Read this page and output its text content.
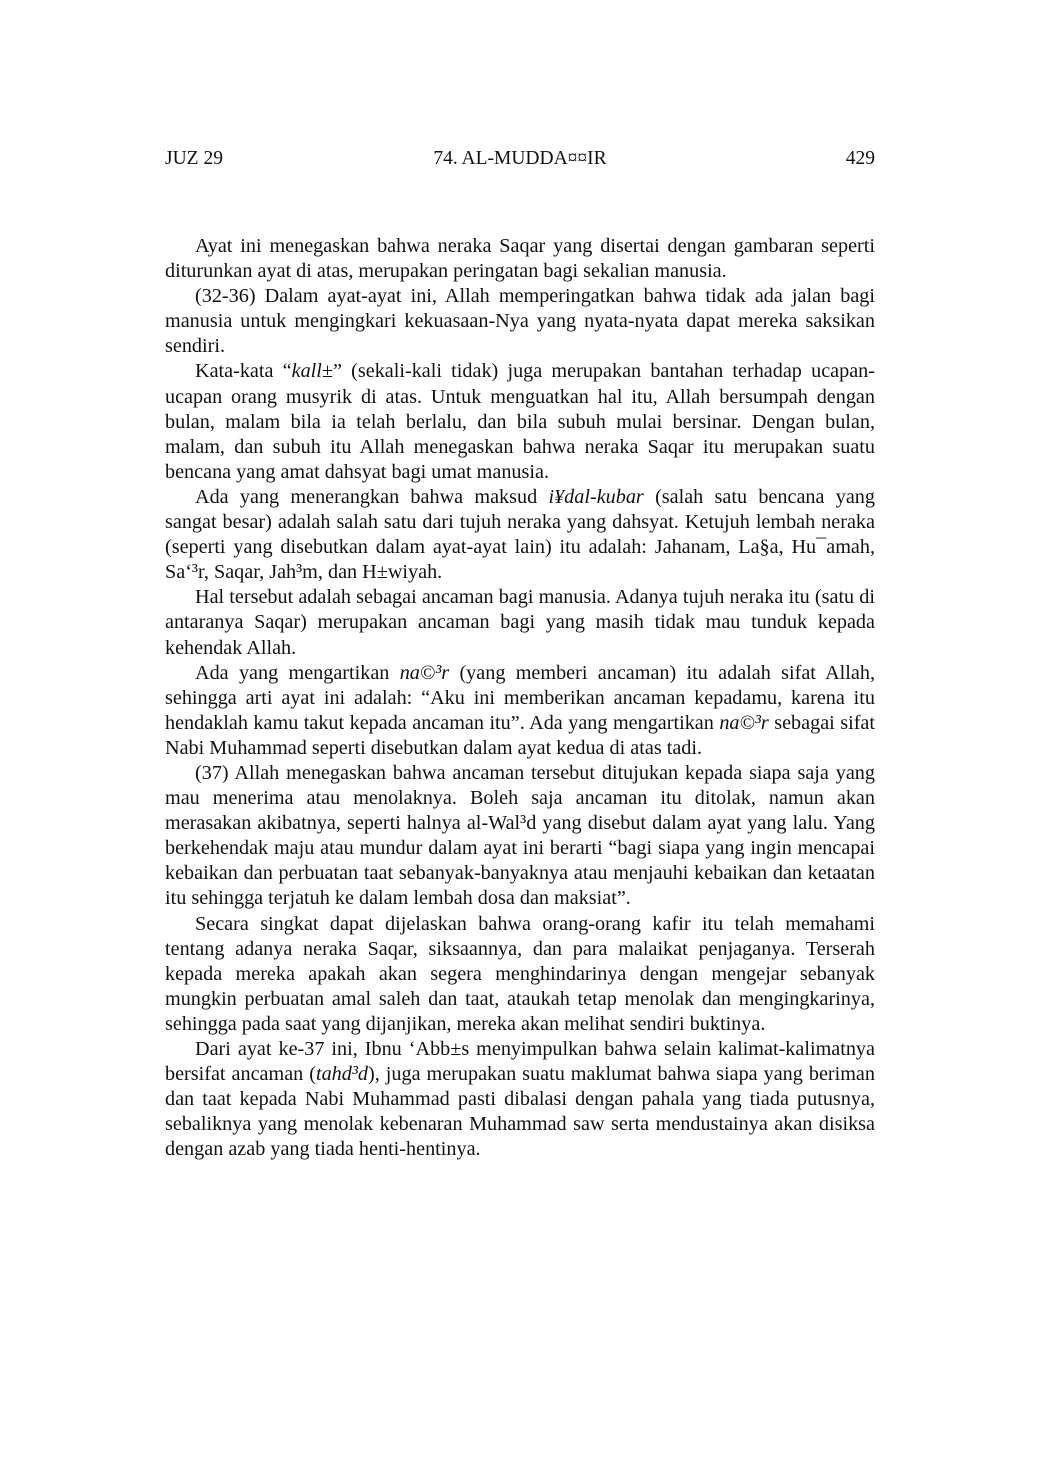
JUZ 29	74. AL-MUDDA¤¤IR	429

Ayat ini menegaskan bahwa neraka Saqar yang disertai dengan gambaran seperti diturunkan ayat di atas, merupakan peringatan bagi sekalian manusia.

(32-36) Dalam ayat-ayat ini, Allah memperingatkan bahwa tidak ada jalan bagi manusia untuk mengingkari kekuasaan-Nya yang nyata-nyata dapat mereka saksikan sendiri.

Kata-kata “kall±” (sekali-kali tidak) juga merupakan bantahan terhadap ucapan-ucapan orang musyrik di atas. Untuk menguatkan hal itu, Allah bersumpah dengan bulan, malam bila ia telah berlalu, dan bila subuh mulai bersinar. Dengan bulan, malam, dan subuh itu Allah menegaskan bahwa neraka Saqar itu merupakan suatu bencana yang amat dahsyat bagi umat manusia.

Ada yang menerangkan bahwa maksud i¥dal-kubar (salah satu bencana yang sangat besar) adalah salah satu dari tujuh neraka yang dahsyat. Ketujuh lembah neraka (seperti yang disebutkan dalam ayat-ayat lain) itu adalah: Jahanam, La§a, Hu¯amah, Sa‘³r, Saqar, Jah³m, dan H±wiyah.

Hal tersebut adalah sebagai ancaman bagi manusia. Adanya tujuh neraka itu (satu di antaranya Saqar) merupakan ancaman bagi yang masih tidak mau tunduk kepada kehendak Allah.

Ada yang mengartikan na©³r (yang memberi ancaman) itu adalah sifat Allah, sehingga arti ayat ini adalah: “Aku ini memberikan ancaman kepadamu, karena itu hendaklah kamu takut kepada ancaman itu”. Ada yang mengartikan na©³r sebagai sifat Nabi Muhammad seperti disebutkan dalam ayat kedua di atas tadi.

(37) Allah menegaskan bahwa ancaman tersebut ditujukan kepada siapa saja yang mau menerima atau menolaknya. Boleh saja ancaman itu ditolak, namun akan merasakan akibatnya, seperti halnya al-Wal³d yang disebut dalam ayat yang lalu. Yang berkehendak maju atau mundur dalam ayat ini berarti “bagi siapa yang ingin mencapai kebaikan dan perbuatan taat sebanyak-banyaknya atau menjauhi kebaikan dan ketaatan itu sehingga terjatuh ke dalam lembah dosa dan maksiat”.

Secara singkat dapat dijelaskan bahwa orang-orang kafir itu telah memahami tentang adanya neraka Saqar, siksaannya, dan para malaikat penjaganya. Terserah kepada mereka apakah akan segera menghindarinya dengan mengejar sebanyak mungkin perbuatan amal saleh dan taat, ataukah tetap menolak dan mengingkarinya, sehingga pada saat yang dijanjikan, mereka akan melihat sendiri buktinya.

Dari ayat ke-37 ini, Ibnu ‘Abb±s menyimpulkan bahwa selain kalimat-kalimatnya bersifat ancaman (tahd³d), juga merupakan suatu maklumat bahwa siapa yang beriman dan taat kepada Nabi Muhammad pasti dibalasi dengan pahala yang tiada putusnya, sebaliknya yang menolak kebenaran Muhammad saw serta mendustainya akan disiksa dengan azab yang tiada henti-hentinya.
